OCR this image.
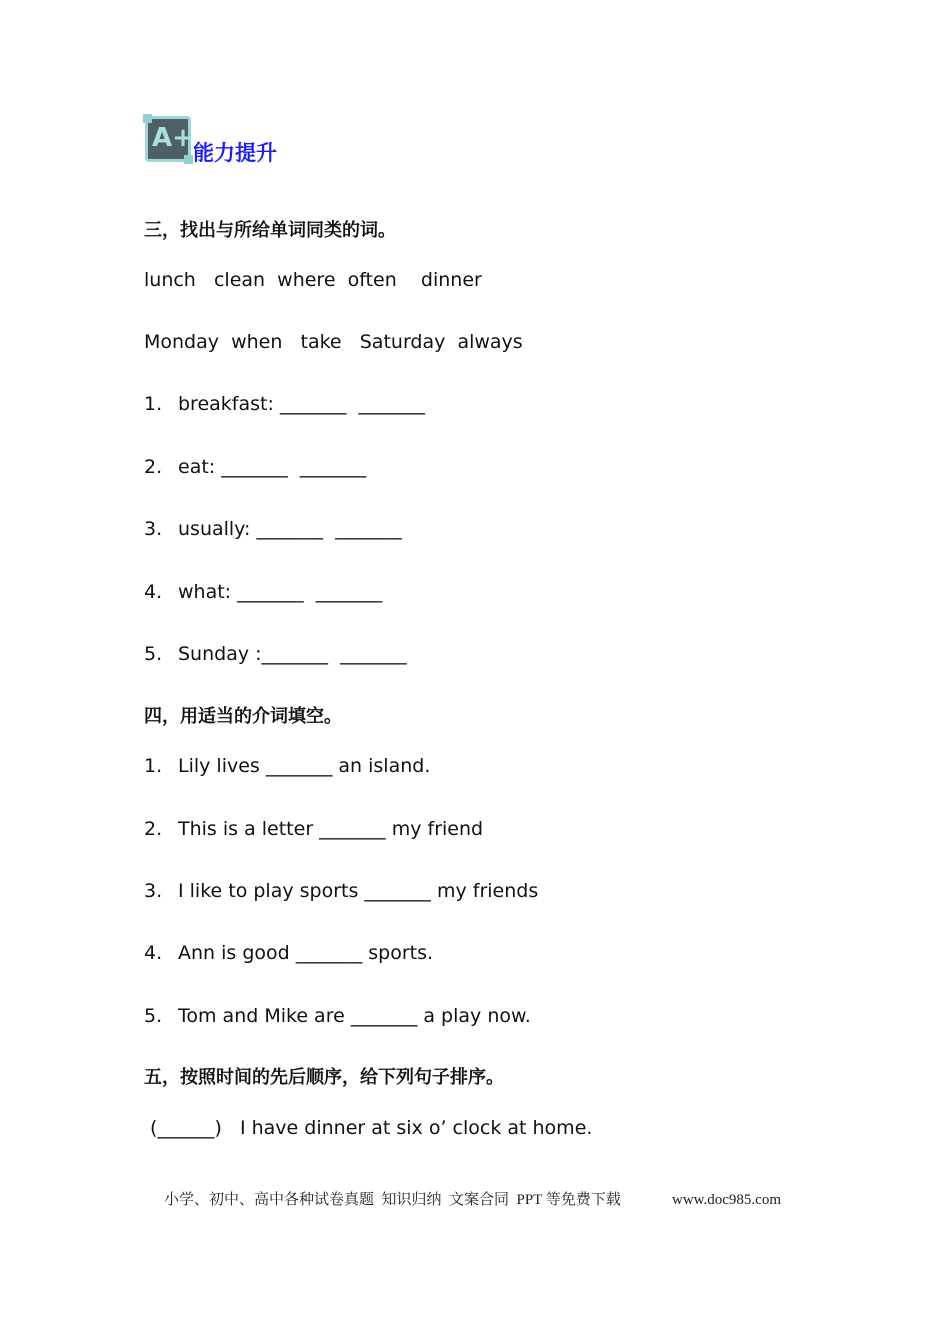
A+ 能力提升
三，找出与所给单词同类的词。
lunch   clean  where  often    dinner
Monday  when   take   Saturday  always
1. breakfast: _______  _______
2. eat: _______  _______
3. usually: _______  _______
4. what: _______  _______
5. Sunday :_______  _______
四，用适当的介词填空。
1. Lily lives _______ an island.
2. This is a letter _______ my friend
3. I like to play sports _______ my friends
4. Ann is good _______ sports.
5. Tom and Mike are _______ a play now.
五，按照时间的先后顺序，给下列句子排序。
(______)   I have dinner at six o’ clock at home.
小学、初中、高中各种试卷真题  知识归纳  文案合同  PPT 等免费下载	www.doc985.com
